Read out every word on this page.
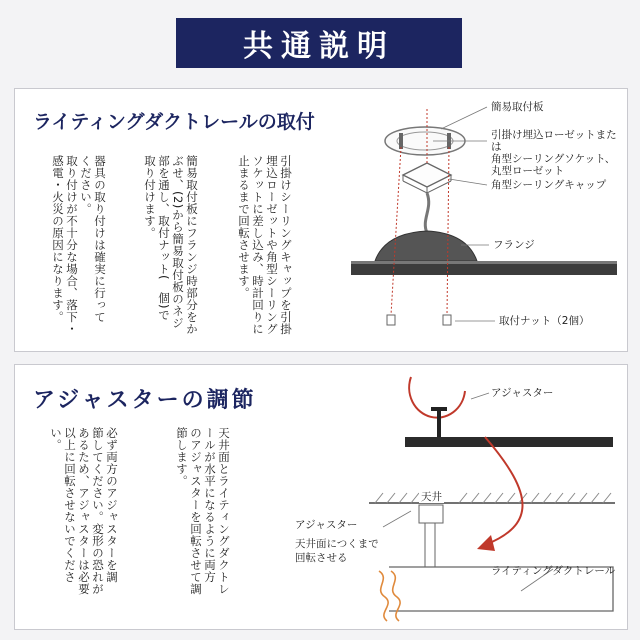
共通説明
ライティングダクトレールの取付
器具の取り付けは確実に行って
ください。
取り付けが不十分な場合、落下・
感電・火災の原因になります。	簡易取付板にフランジ時部分をか
ぶせ、(2)から簡易取付板のネジ
部を通し、取付ナット(　個)で
取り付けます。	引掛けシーリングキャップを引掛
埋込ローゼットや角型シーリング
ソケットに差し込み、時計回りに
止まるまで回転させます。
簡易取付板
引掛け埋込ローゼットまたは
角型シーリングソケット、
丸型ローゼット
角型シーリングキャップ
フランジ
取付ナット（2個）
アジャスターの調節
必ず両方のアジャスターを調
節してください。変形の恐れが
あるため、アジャスターは必要
以上に回転させないでくださ
い。	天井面とライティングダクトレ
ールが水平になるように両方
のアジャスターを回転させて調
節します。
アジャスター
天井
アジャスター
天井面につくまで
回転させる
ライティングダクトレール
